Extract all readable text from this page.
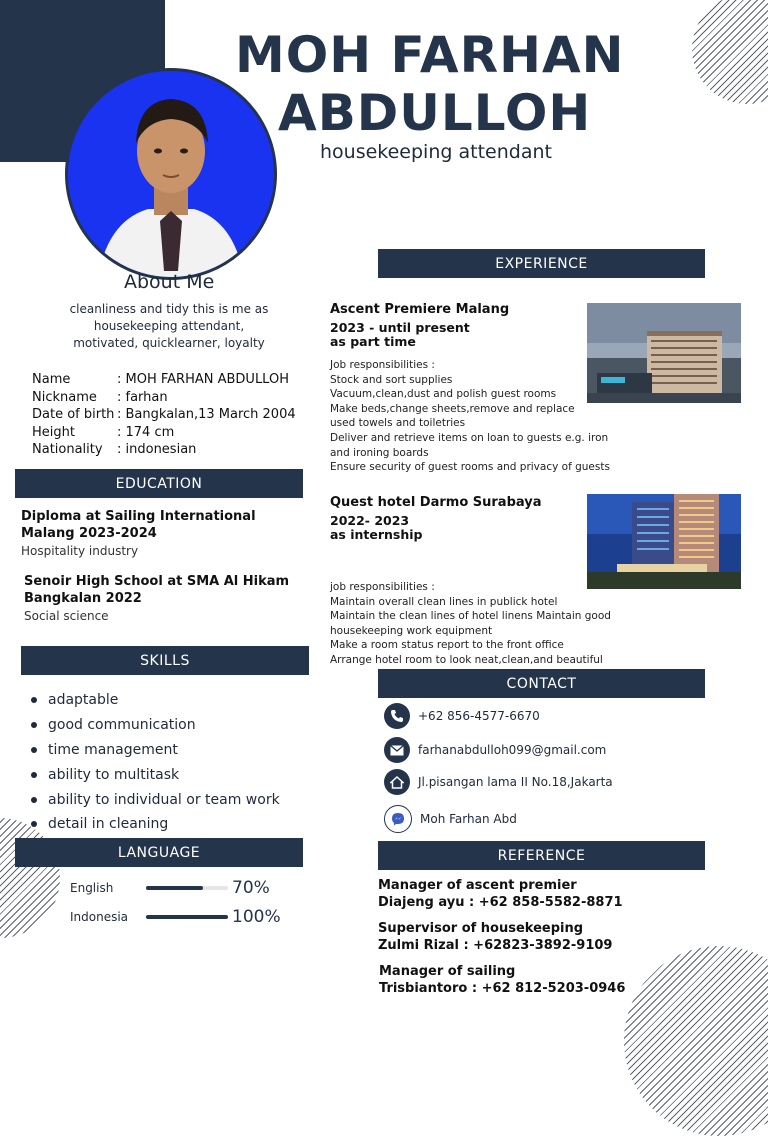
MOH FARHAN
ABDULLOH
housekeeping attendant
About Me
cleanliness and tidy this is me as
housekeeping attendant,
motivated, quicklearner, loyalty
Name	: MOH FARHAN ABDULLOH
Nickname	: farhan
Date of birth : Bangkalan,13 March 2004
Height	: 174 cm
Nationality	: indonesian
EDUCATION
Diploma at Sailing International
Malang 2023-2024
Hospitality industry
Senoir High School at SMA Al Hikam
Bangkalan 2022
Social science
SKILLS
adaptable
good communication
time management
ability to multitask
ability to individual or team work
detail in cleaning
LANGUAGE
English	70%
Indonesia	100%
EXPERIENCE
Ascent Premiere Malang
2023 - until present
as part time
Job responsibilities :
Stock and sort supplies
Vacuum,clean,dust and polish guest rooms
Make beds,change sheets,remove and replace
used towels and toiletries
Deliver and retrieve items on loan to guests e.g. iron
and ironing boards
Ensure security of guest rooms and privacy of guests
Quest hotel Darmo Surabaya
2022- 2023
as internship
job responsibilities :
Maintain overall clean lines in publick hotel
Maintain the clean lines of hotel linens Maintain good
housekeeping work equipment
Make a room status report to the front office
Arrange hotel room to look neat,clean,and beautiful
CONTACT
+62 856-4577-6670
farhanabdulloh099@gmail.com
Jl.pisangan lama II No.18,Jakarta
Moh Farhan Abd
REFERENCE
Manager of ascent premier
Diajeng ayu : +62 858-5582-8871
Supervisor of housekeeping
Zulmi Rizal : +62823-3892-9109
Manager of sailing
Trisbiantoro : +62 812-5203-0946
